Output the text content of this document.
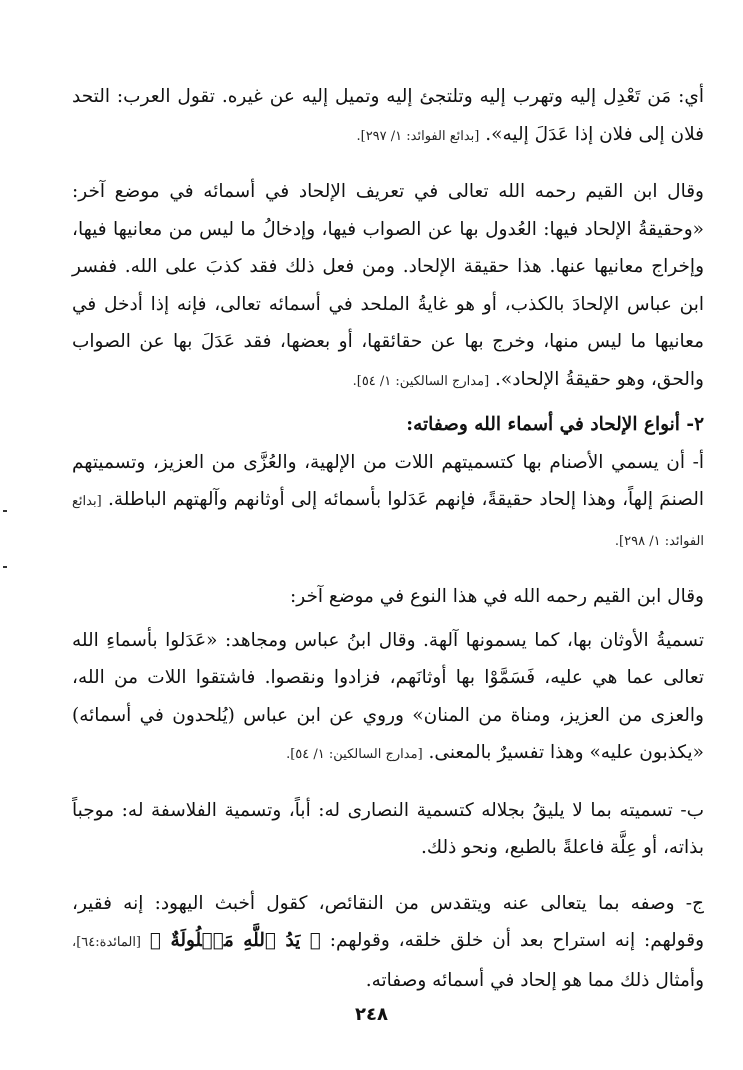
أي: مَن تَعْدِل إليه وتهرب إليه وتلتجئ إليه وتميل إليه عن غيره. تقول العرب: التحد فلان إلى فلان إذا عَدَلَ إليه». [بدائع الفوائد: ١/ ٢٩٧].

وقال ابن القيم رحمه الله تعالى في تعريف الإلحاد في أسمائه في موضع آخر: «وحقيقةُ الإلحاد فيها: العُدول بها عن الصواب فيها، وإدخالُ ما ليس من معانيها فيها، وإخراج معانيها عنها. هذا حقيقة الإلحاد. ومن فعل ذلك فقد كذبَ على الله. ففسر ابن عباس الإلحادَ بالكذب، أو هو غايةُ الملحد في أسمائه تعالى، فإنه إذا أدخل في معانيها ما ليس منها، وخرج بها عن حقائقها، أو بعضها، فقد عَدَلَ بها عن الصواب والحق، وهو حقيقةُ الإلحاد». [مدارج السالكين: ١/ ٥٤].

٢- أنواع الإلحاد في أسماء الله وصفاته:

أ- أن يسمي الأصنام بها كتسميتهم اللات من الإلهية، والعُزَّى من العزيز، وتسميتهم الصنمَ إلهاً، وهذا إلحاد حقيقةً، فإنهم عَدَلوا بأسمائه إلى أوثانهم وآلهتهم الباطلة. [بدائع الفوائد: ١/ ٢٩٨].

وقال ابن القيم رحمه الله في هذا النوع في موضع آخر:

تسميةُ الأوثان بها، كما يسمونها آلهة. وقال ابنُ عباس ومجاهد: «عَدَلوا بأسماءِ الله تعالى عما هي عليه، فَسَمَّوْا بها أوثانَهم، فزادوا ونقصوا. فاشتقوا اللات من الله، والعزى من العزيز، ومناة من المنان» وروي عن ابن عباس (يُلحدون في أسمائه) «يكذبون عليه» وهذا تفسيرٌ بالمعنى. [مدارج السالكين: ١/ ٥٤].

ب- تسميته بما لا يليقُ بجلاله كتسمية النصارى له: أباً، وتسمية الفلاسفة له: موجباً بذاته، أو عِلَّة فاعلةً بالطبع، ونحو ذلك.

ج- وصفه بما يتعالى عنه ويتقدس من النقائص، كقول أخبث اليهود: إنه فقير، وقولهم: إنه استراح بعد أن خلق خلقه، وقولهم: ﴿ يَدُ ٱللَّهِ مَغۡلُولَةٌ ﴾ [المائدة:٦٤]، وأمثال ذلك مما هو إلحاد في أسمائه وصفاته.

٢٤٨
